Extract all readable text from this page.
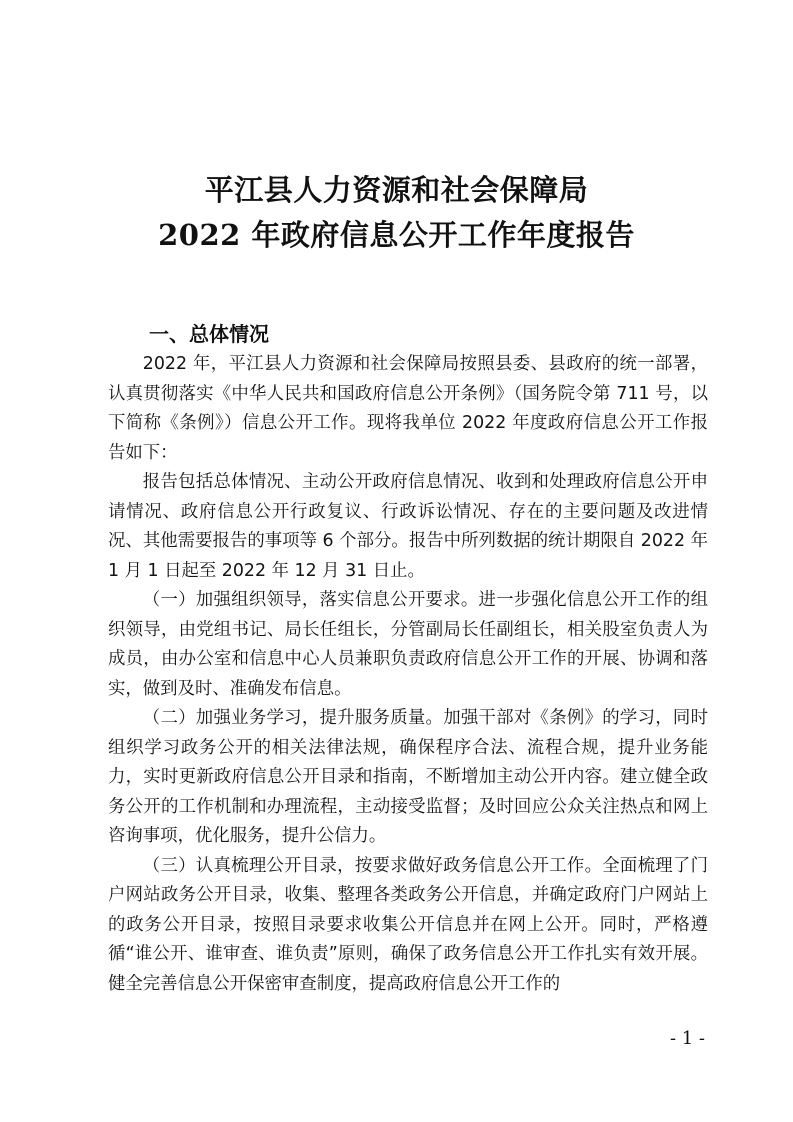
平江县人力资源和社会保障局
2022 年政府信息公开工作年度报告
一、总体情况

2022 年，平江县人力资源和社会保障局按照县委、县政府的统一部署，认真贯彻落实《中华人民共和国政府信息公开条例》（国务院令第 711 号，以下简称《条例》）信息公开工作。现将我单位 2022 年度政府信息公开工作报告如下：

报告包括总体情况、主动公开政府信息情况、收到和处理政府信息公开申请情况、政府信息公开行政复议、行政诉讼情况、存在的主要问题及改进情况、其他需要报告的事项等 6 个部分。报告中所列数据的统计期限自 2022 年 1 月 1 日起至 2022 年 12 月 31 日止。

（一）加强组织领导，落实信息公开要求。进一步强化信息公开工作的组织领导，由党组书记、局长任组长，分管副局长任副组长，相关股室负责人为成员，由办公室和信息中心人员兼职负责政府信息公开工作的开展、协调和落实，做到及时、准确发布信息。

（二）加强业务学习，提升服务质量。加强干部对《条例》的学习，同时组织学习政务公开的相关法律法规，确保程序合法、流程合规，提升业务能力，实时更新政府信息公开目录和指南，不断增加主动公开内容。建立健全政务公开的工作机制和办理流程，主动接受监督；及时回应公众关注热点和网上咨询事项，优化服务，提升公信力。

（三）认真梳理公开目录，按要求做好政务信息公开工作。全面梳理了门户网站政务公开目录，收集、整理各类政务公开信息，并确定政府门户网站上的政务公开目录，按照目录要求收集公开信息并在网上公开。同时，严格遵循“谁公开、谁审查、谁负责”原则，确保了政务信息公开工作扎实有效开展。健全完善信息公开保密审查制度，提高政府信息公开工作的

- 1 -
